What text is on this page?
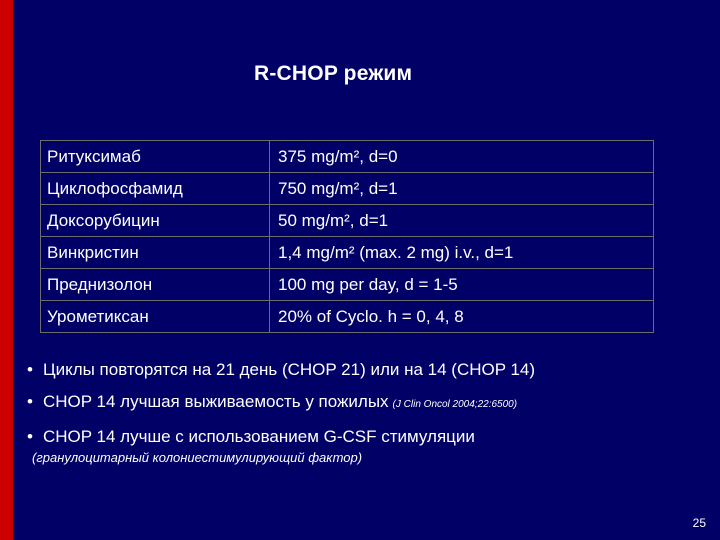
R-CHOP режим
Ритуксимаб	375 mg/m², d=0
Циклофосфамид	750 mg/m², d=1
Доксорубицин	50 mg/m², d=1
Винкристин	1,4 mg/m² (max. 2 mg) i.v., d=1
Преднизолон	100 mg per day, d = 1-5
Урометиксан	20% of Cyclo. h = 0, 4, 8
• Циклы повторятся на 21 день (CHOP 21) или на 14 (CHOP 14)
• CHOP 14 лучшая выживаемость у пожилых (J Clin Oncol 2004;22:6500)
• CHOP 14 лучше с использованием G-CSF стимуляции
(гранулоцитарный колониестимулирующий фактор)
25
